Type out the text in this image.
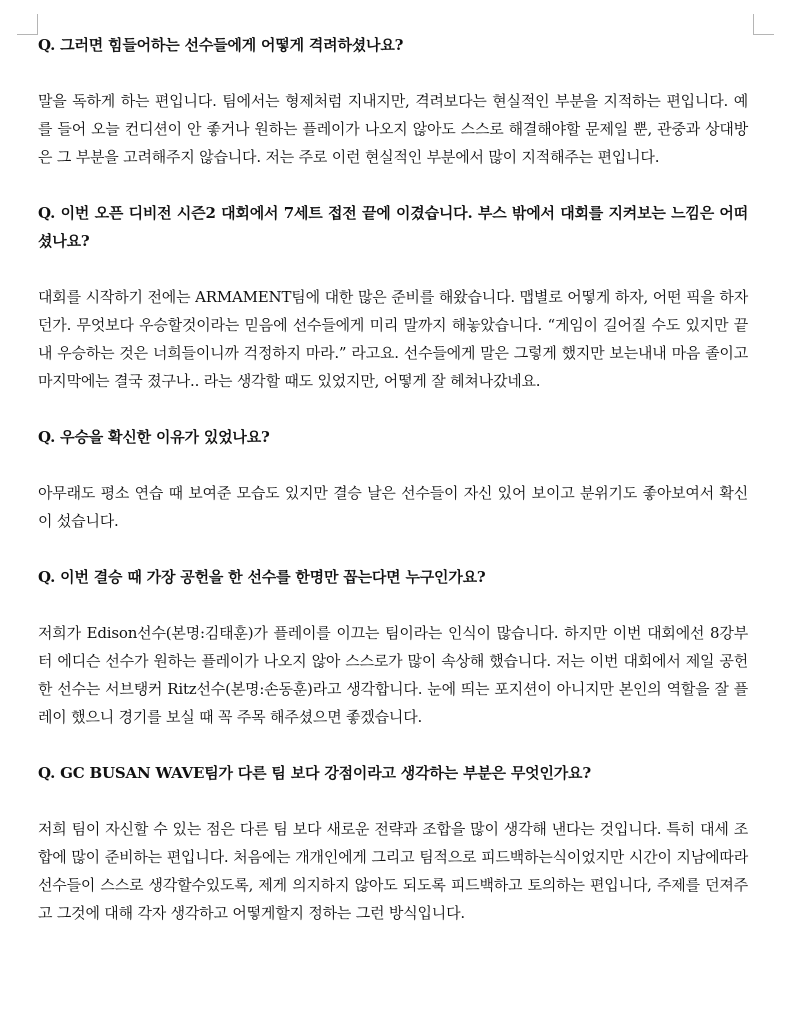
Q. 그러면 힘들어하는 선수들에게 어떻게 격려하셨나요?

말을 독하게 하는 편입니다. 팀에서는 형제처럼 지내지만, 격려보다는 현실적인 부분을 지적하는 편입니다. 예를 들어 오늘 컨디션이 안 좋거나 원하는 플레이가 나오지 않아도 스스로 해결해야할 문제일 뿐, 관중과 상대방은 그 부분을 고려해주지 않습니다. 저는 주로 이런 현실적인 부분에서 많이 지적해주는 편입니다.

Q. 이번 오픈 디비전 시즌2 대회에서 7세트 접전 끝에 이겼습니다. 부스 밖에서 대회를 지켜보는 느낌은 어떠셨나요?

대회를 시작하기 전에는 ARMAMENT팀에 대한 많은 준비를 해왔습니다. 맵별로 어떻게 하자, 어떤 픽을 하자던가. 무엇보다 우승할것이라는 믿음에 선수들에게 미리 말까지 해놓았습니다. “게임이 길어질 수도 있지만 끝내 우승하는 것은 너희들이니까 걱정하지 마라.” 라고요. 선수들에게 말은 그렇게 했지만 보는내내 마음 졸이고 마지막에는 결국 졌구나.. 라는 생각할 때도 있었지만, 어떻게 잘 헤쳐나갔네요.

Q. 우승을 확신한 이유가 있었나요?

아무래도 평소 연습 때 보여준 모습도 있지만 결승 날은 선수들이 자신 있어 보이고 분위기도 좋아보여서 확신이 섰습니다.

Q. 이번 결승 때 가장 공헌을 한 선수를 한명만 꼽는다면 누구인가요?

저희가 Edison선수(본명:김태훈)가 플레이를 이끄는 팀이라는 인식이 많습니다. 하지만 이번 대회에선 8강부터 에디슨 선수가 원하는 플레이가 나오지 않아 스스로가 많이 속상해 했습니다. 저는 이번 대회에서 제일 공헌한 선수는 서브탱커 Ritz선수(본명:손동훈)라고 생각합니다. 눈에 띄는 포지션이 아니지만 본인의 역할을 잘 플레이 했으니 경기를 보실 때 꼭 주목 해주셨으면 좋겠습니다.

Q. GC BUSAN WAVE팀가 다른 팀 보다 강점이라고 생각하는 부분은 무엇인가요?

저희 팀이 자신할 수 있는 점은 다른 팀 보다 새로운 전략과 조합을 많이 생각해 낸다는 것입니다. 특히 대세 조합에 많이 준비하는 편입니다. 처음에는 개개인에게 그리고 팀적으로 피드백하는식이었지만 시간이 지남에따라 선수들이 스스로 생각할수있도록, 제게 의지하지 않아도 되도록 피드백하고 토의하는 편입니다, 주제를 던져주고 그것에 대해 각자 생각하고 어떻게할지 정하는 그런 방식입니다.
